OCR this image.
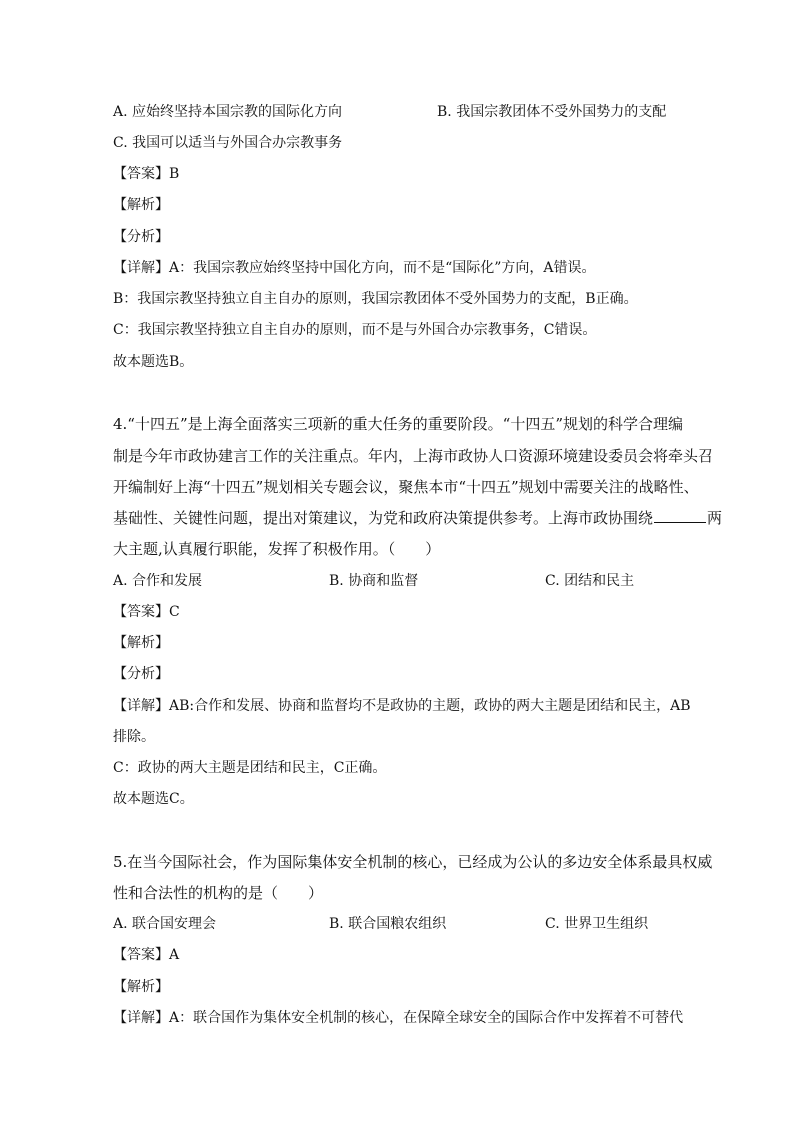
A. 应始终坚持本国宗教的国际化方向	B. 我国宗教团体不受外国势力的支配
C. 我国可以适当与外国合办宗教事务
【答案】B
【解析】
【分析】
【详解】A：我国宗教应始终坚持中国化方向，而不是“国际化”方向，A错误。
B：我国宗教坚持独立自主自办的原则，我国宗教团体不受外国势力的支配，B正确。
C：我国宗教坚持独立自主自办的原则，而不是与外国合办宗教事务，C错误。
故本题选B。
4.“十四五”是上海全面落实三项新的重大任务的重要阶段。“十四五”规划的科学合理编
制是今年市政协建言工作的关注重点。年内，上海市政协人口资源环境建设委员会将牵头召
开编制好上海“十四五”规划相关专题会议，聚焦本市“十四五”规划中需要关注的战略性、
基础性、关键性问题，提出对策建议，为党和政府决策提供参考。上海市政协围绕	两
大主题,认真履行职能，发挥了积极作用。（　　）
A. 合作和发展	B. 协商和监督	C. 团结和民主
【答案】C
【解析】
【分析】
【详解】AB:合作和发展、协商和监督均不是政协的主题，政协的两大主题是团结和民主，AB
排除。
C：政协的两大主题是团结和民主，C正确。
故本题选C。
5.在当今国际社会，作为国际集体安全机制的核心，已经成为公认的多边安全体系最具权威
性和合法性的机构的是（　　）
A. 联合国安理会	B. 联合国粮农组织	C. 世界卫生组织
【答案】A
【解析】
【详解】A：联合国作为集体安全机制的核心，在保障全球安全的国际合作中发挥着不可替代
